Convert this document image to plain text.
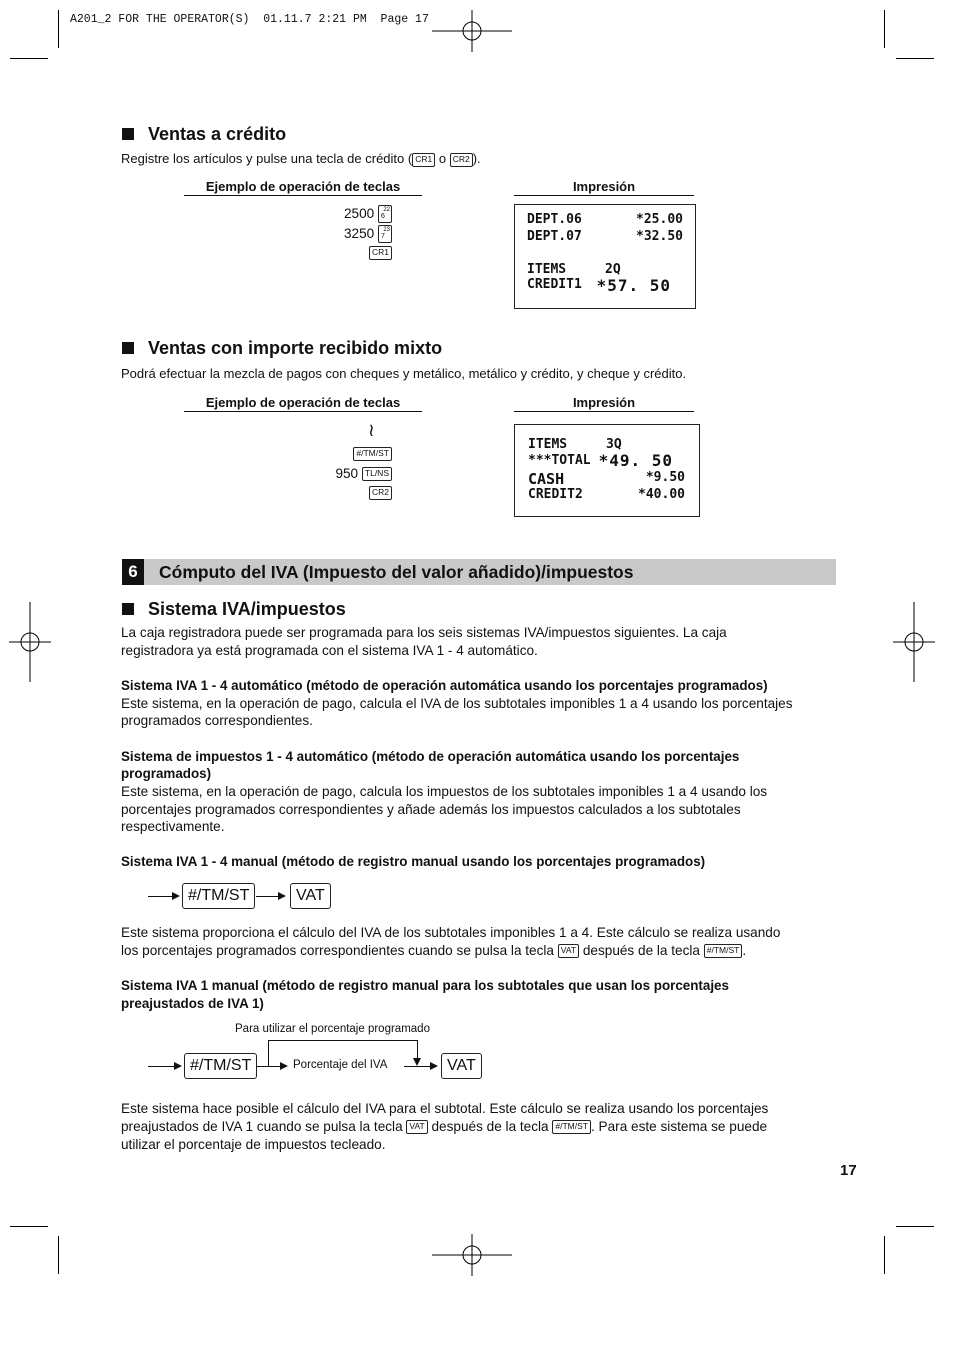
A201_2 FOR THE OPERATOR(S)  01.11.7 2:21 PM  Page 17
Ventas a crédito
Registre los artículos y pulse una tecla de crédito ( CR1 o CR2 ).
Ejemplo de operación de teclas	Impresión
2500 22
6
3250 23
7
CR1
DEPT.06	*25.00
DEPT.07	*32.50
ITEMS	2Q
CREDIT1 *57. 50
Ventas con importe recibido mixto
Podrá efectuar la mezcla de pagos con cheques y metálico, metálico y crédito, y cheque y crédito.
Ejemplo de operación de teclas	Impresión
≀
#/TM/ST
950 TL/NS
CR2
ITEMS	3Q
***TOTAL *49. 50
CASH	*9.50
CREDIT2	*40.00
6	Cómputo del IVA (Impuesto del valor añadido)/impuestos
Sistema IVA/impuestos
La caja registradora puede ser programada para los seis sistemas IVA/impuestos siguientes. La caja
registradora ya está programada con el sistema IVA 1 - 4 automático.
Sistema IVA 1 - 4 automático (método de operación automática usando los porcentajes programados)
Este sistema, en la operación de pago, calcula el IVA de los subtotales imponibles 1 a 4 usando los porcentajes
programados correspondientes.
Sistema de impuestos 1 - 4 automático (método de operación automática usando los porcentajes
programados)
Este sistema, en la operación de pago, calcula los impuestos de los subtotales imponibles 1 a 4 usando los
porcentajes programados correspondientes y añade además los impuestos calculados a los subtotales
respectivamente.
Sistema IVA 1 - 4 manual (método de registro manual usando los porcentajes programados)
#/TM/ST	VAT
Este sistema proporciona el cálculo del IVA de los subtotales imponibles 1 a 4. Este cálculo se realiza usando
los porcentajes programados correspondientes cuando se pulsa la tecla VAT después de la tecla #/TM/ST .
Sistema IVA 1 manual (método de registro manual para los subtotales que usan los porcentajes
preajustados de IVA 1)
Para utilizar el porcentaje programado
#/TM/ST	Porcentaje del IVA	VAT
Este sistema hace posible el cálculo del IVA para el subtotal. Este cálculo se realiza usando los porcentajes
preajustados de IVA 1 cuando se pulsa la tecla VAT después de la tecla #/TM/ST . Para este sistema se puede
utilizar el porcentaje de impuestos tecleado.
17
